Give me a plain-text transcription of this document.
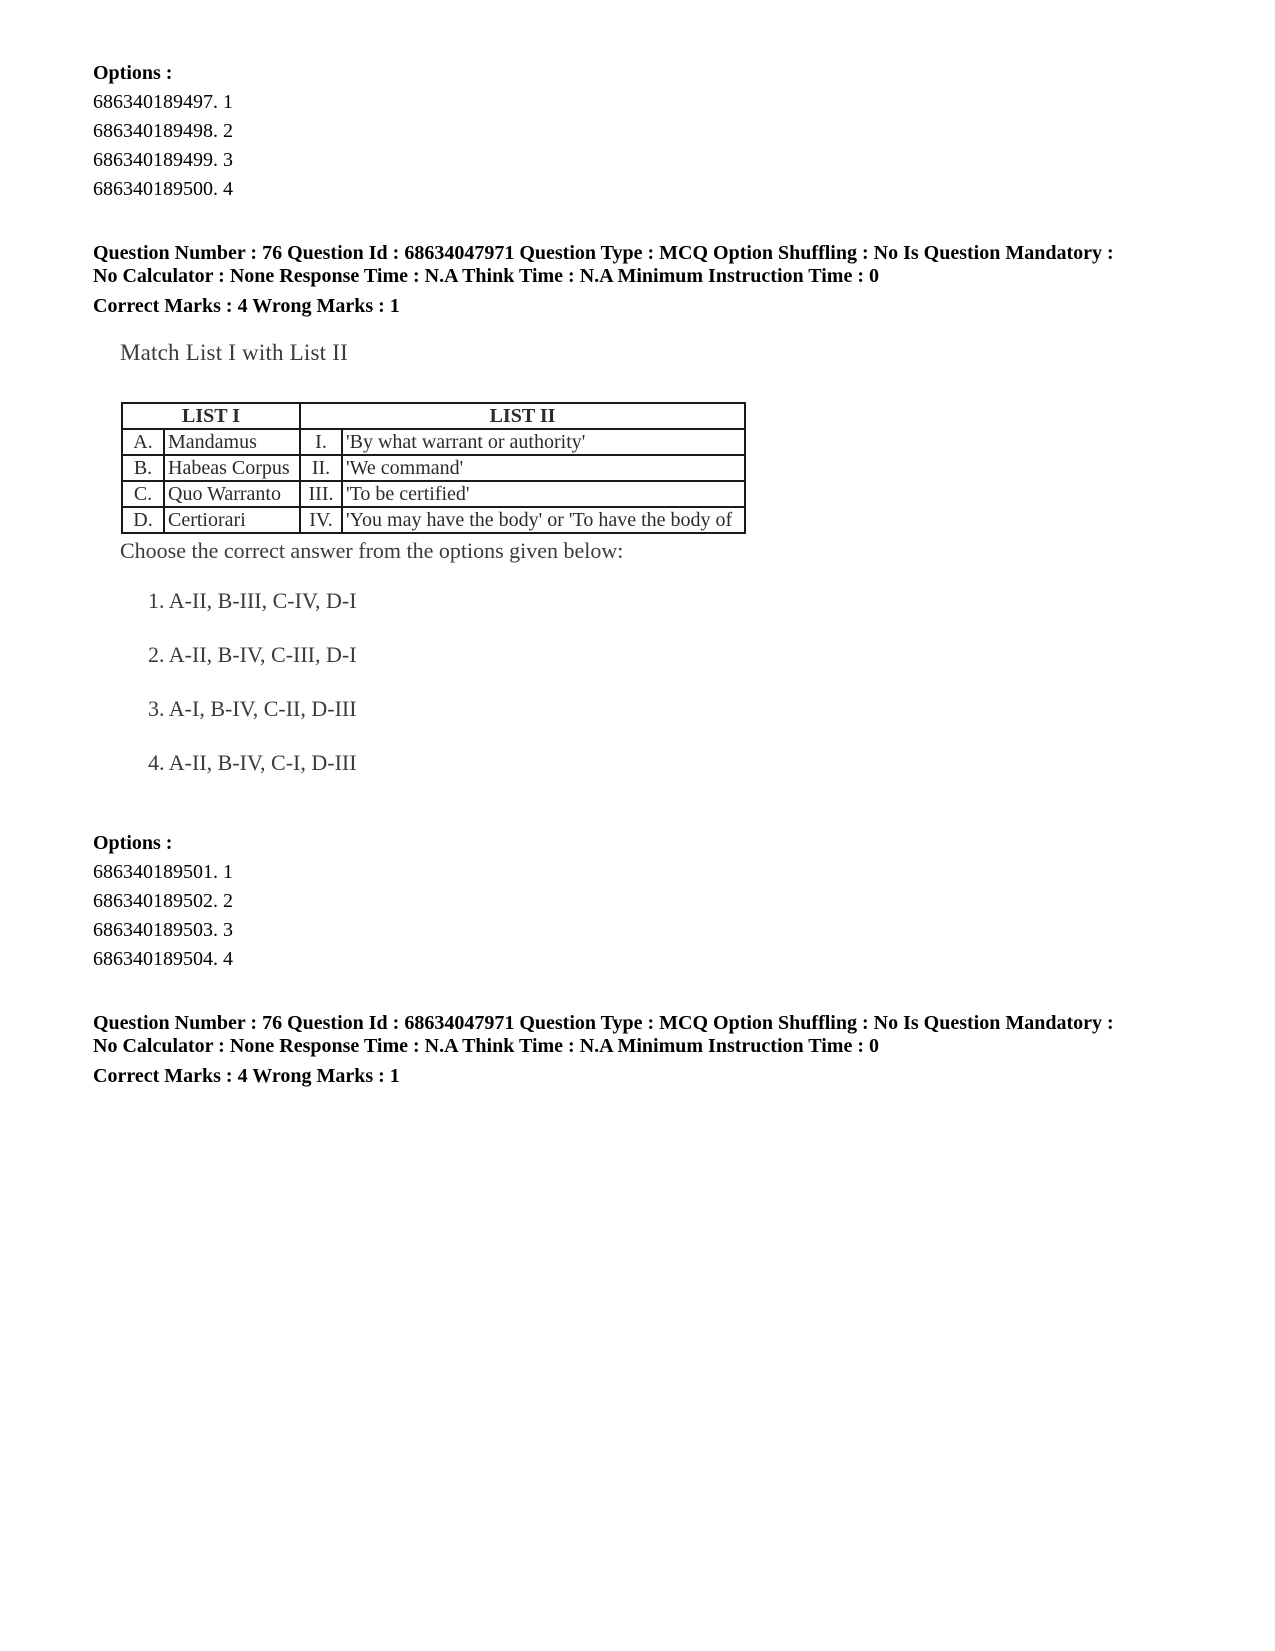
Options :
686340189497. 1
686340189498. 2
686340189499. 3
686340189500. 4
Question Number : 76 Question Id : 68634047971 Question Type : MCQ Option Shuffling : No Is Question Mandatory :
No Calculator : None Response Time : N.A Think Time : N.A Minimum Instruction Time : 0
Correct Marks : 4 Wrong Marks : 1
Match List I with List II
LIST I		LIST II	
A.	Mandamus	I.	'By what warrant or authority'
B.	Habeas Corpus	II.	'We command'
C.	Quo Warranto	III.	'To be certified'
D.	Certiorari	IV.	'You may have the body' or 'To have the body of
Choose the correct answer from the options given below:
1. A-II, B-III, C-IV, D-I
2. A-II, B-IV, C-III, D-I
3. A-I, B-IV, C-II, D-III
4. A-II, B-IV, C-I, D-III
Options :
686340189501. 1
686340189502. 2
686340189503. 3
686340189504. 4
Question Number : 76 Question Id : 68634047971 Question Type : MCQ Option Shuffling : No Is Question Mandatory :
No Calculator : None Response Time : N.A Think Time : N.A Minimum Instruction Time : 0
Correct Marks : 4 Wrong Marks : 1
